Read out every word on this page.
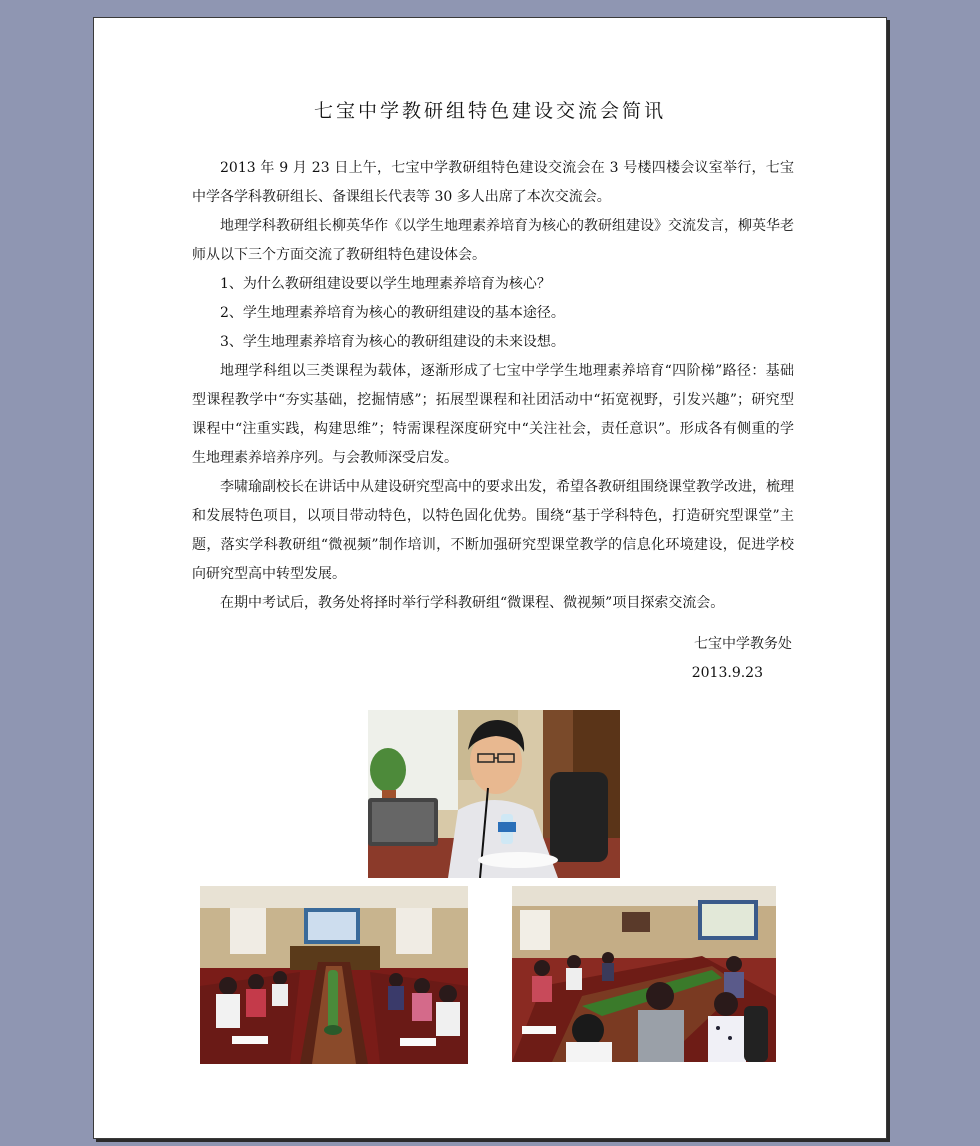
七宝中学教研组特色建设交流会简讯

2013 年 9 月 23 日上午，七宝中学教研组特色建设交流会在 3 号楼四楼会议室举行，七宝中学各学科教研组长、备课组长代表等 30 多人出席了本次交流会。

地理学科教研组长柳英华作《以学生地理素养培育为核心的教研组建设》交流发言，柳英华老师从以下三个方面交流了教研组特色建设体会。

1、为什么教研组建设要以学生地理素养培育为核心？

2、学生地理素养培育为核心的教研组建设的基本途径。

3、学生地理素养培育为核心的教研组建设的未来设想。

地理学科组以三类课程为载体，逐渐形成了七宝中学学生地理素养培育“四阶梯”路径：基础型课程教学中“夯实基础，挖掘情感”；拓展型课程和社团活动中“拓宽视野，引发兴趣”；研究型课程中“注重实践，构建思维”；特需课程深度研究中“关注社会，责任意识”。形成各有侧重的学生地理素养培养序列。与会教师深受启发。

李啸瑜副校长在讲话中从建设研究型高中的要求出发，希望各教研组围绕课堂教学改进，梳理和发展特色项目，以项目带动特色，以特色固化优势。围绕“基于学科特色，打造研究型课堂”主题，落实学科教研组“微视频”制作培训，不断加强研究型课堂教学的信息化环境建设，促进学校向研究型高中转型发展。

在期中考试后，教务处将择时举行学科教研组“微课程、微视频”项目探索交流会。

七宝中学教务处

2013.9.23
